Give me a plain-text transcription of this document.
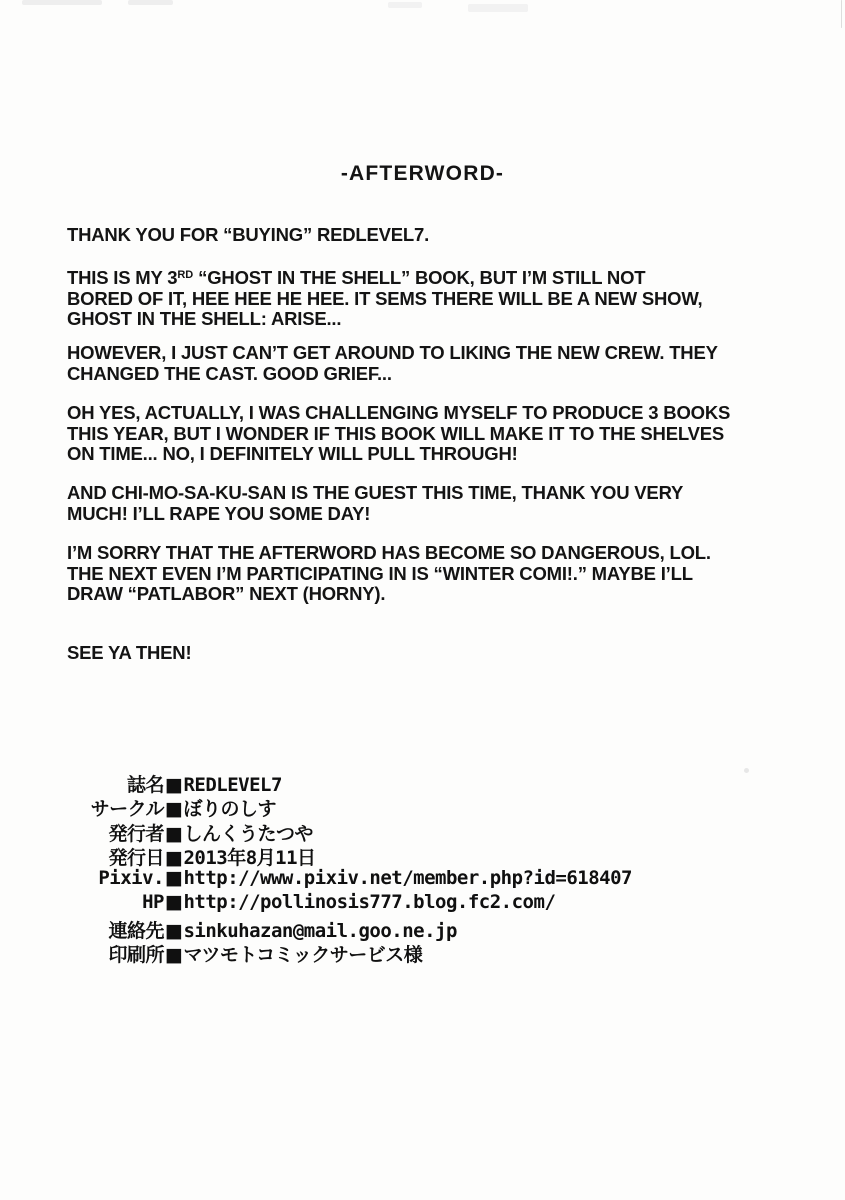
-AFTERWORD-
THANK YOU FOR “BUYING” REDLEVEL7.
THIS IS MY 3RD “GHOST IN THE SHELL” BOOK, BUT I’M STILL NOT
BORED OF IT, HEE HEE HE HEE. IT SEMS THERE WILL BE A NEW SHOW,
GHOST IN THE SHELL: ARISE...
HOWEVER, I JUST CAN’T GET AROUND TO LIKING THE NEW CREW. THEY
CHANGED THE CAST. GOOD GRIEF...
OH YES, ACTUALLY, I WAS CHALLENGING MYSELF TO PRODUCE 3 BOOKS
THIS YEAR, BUT I WONDER IF THIS BOOK WILL MAKE IT TO THE SHELVES
ON TIME... NO, I DEFINITELY WILL PULL THROUGH!
AND CHI-MO-SA-KU-SAN IS THE GUEST THIS TIME, THANK YOU VERY
MUCH! I’LL RAPE YOU SOME DAY!
I’M SORRY THAT THE AFTERWORD HAS BECOME SO DANGEROUS, LOL.
THE NEXT EVEN I’M PARTICIPATING IN IS “WINTER COMI!.” MAYBE I’LL
DRAW “PATLABOR” NEXT (HORNY).
SEE YA THEN!
誌名 ■ REDLEVEL7
サークル ■ ぼりのしす
発行者 ■ しんくうたつや
発行日 ■ 2013年8月11日
Pixiv. ■ http://www.pixiv.net/member.php?id=618407
HP ■ http://pollinosis777.blog.fc2.com/
連絡先 ■ sinkuhazan@mail.goo.ne.jp
印刷所 ■ マツモトコミックサービス様
